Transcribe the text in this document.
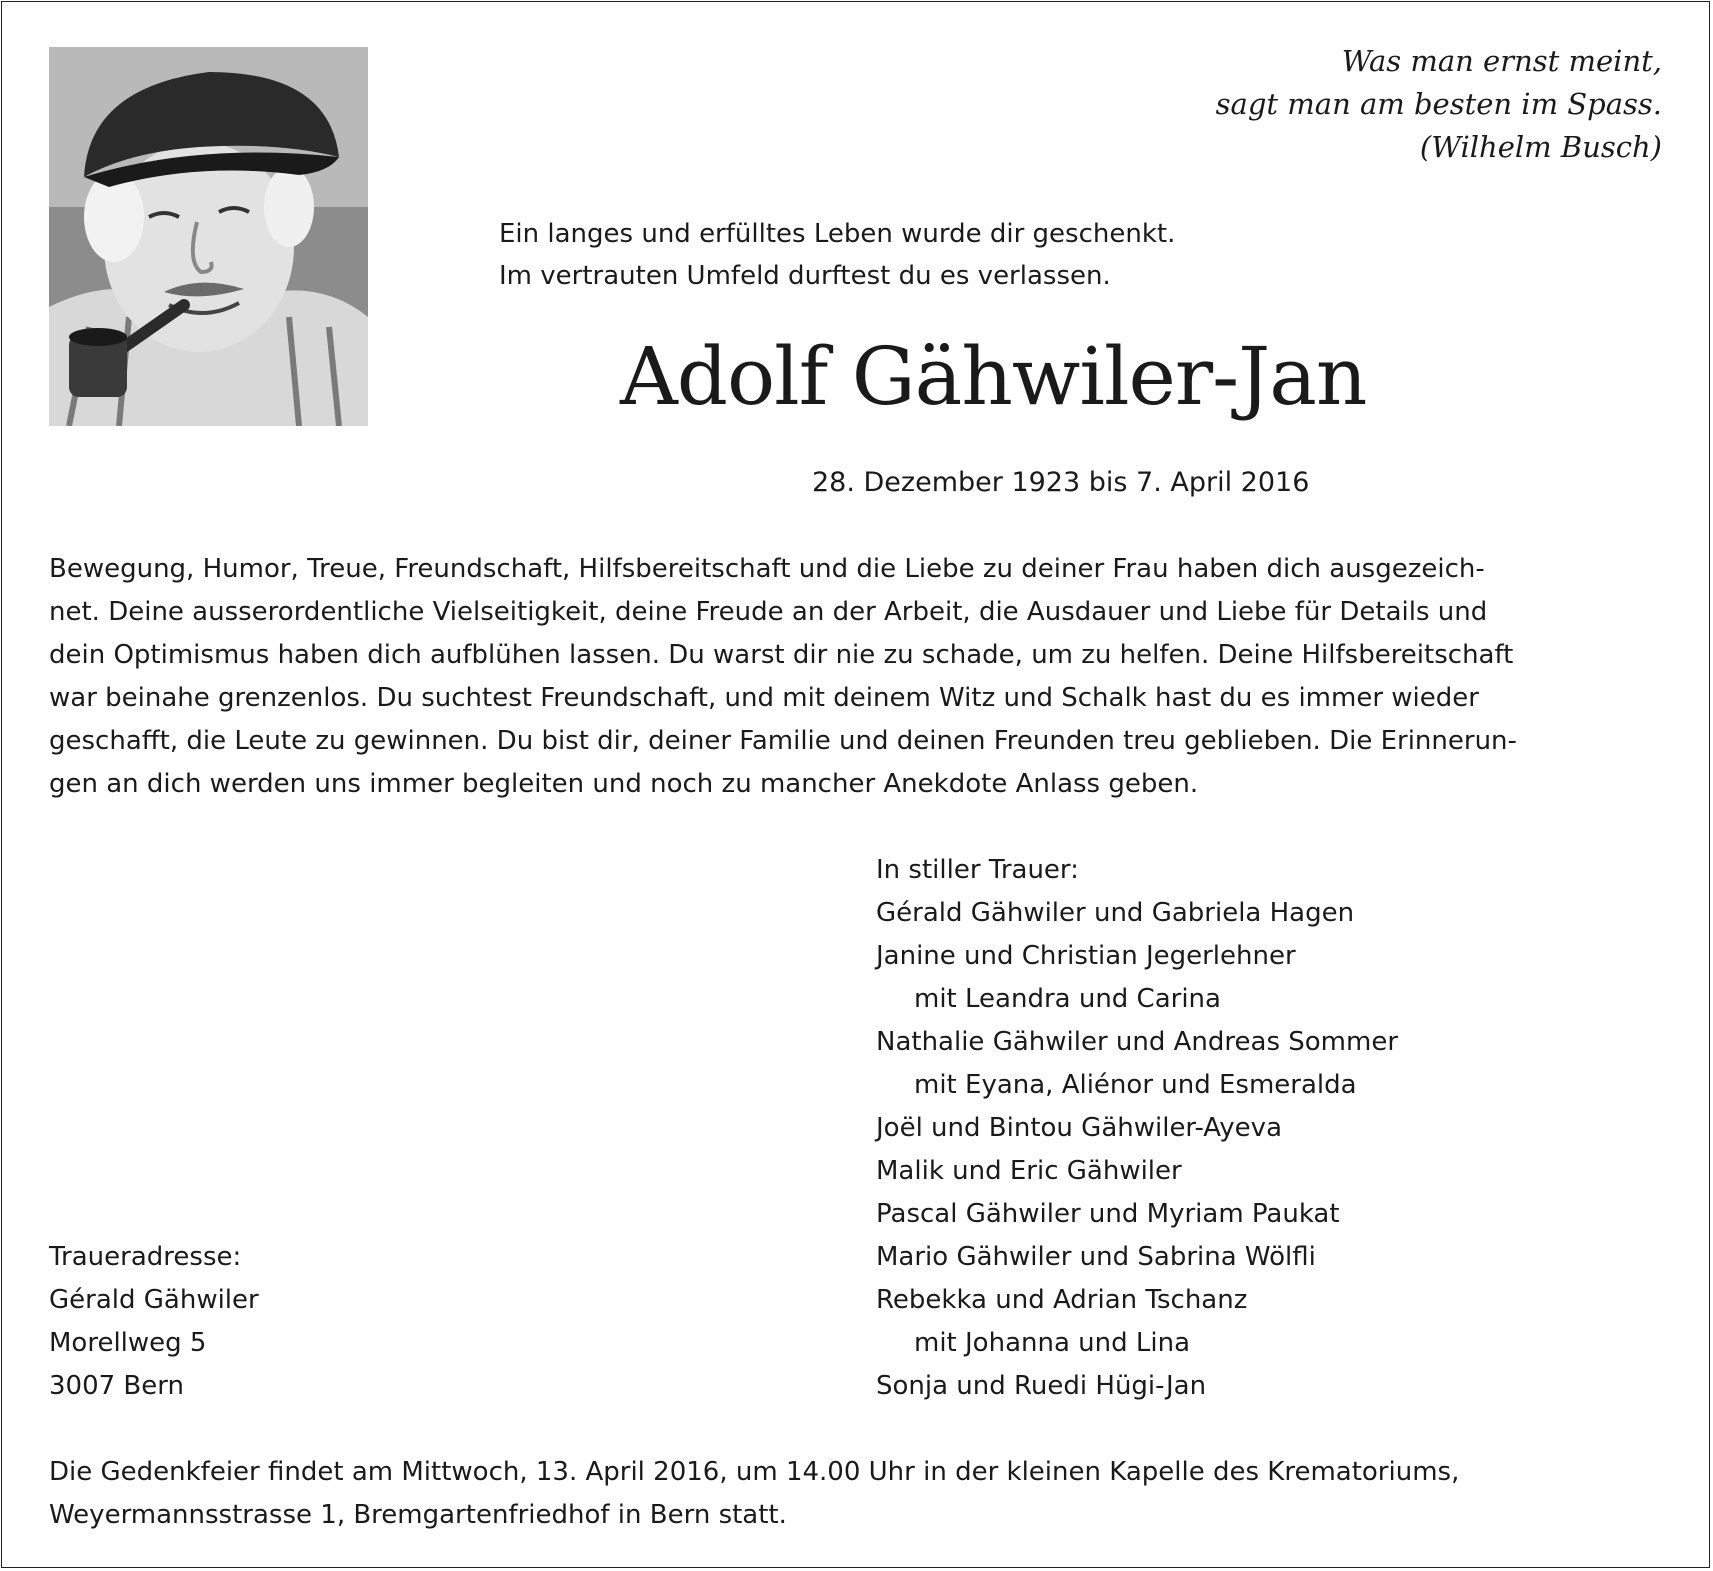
Was man ernst meint,
sagt man am besten im Spass.
(Wilhelm Busch)
Ein langes und erfülltes Leben wurde dir geschenkt.
Im vertrauten Umfeld durftest du es verlassen.
Adolf Gähwiler-Jan
28. Dezember 1923 bis 7. April 2016
Bewegung, Humor, Treue, Freundschaft, Hilfsbereitschaft und die Liebe zu deiner Frau haben dich ausgezeich-
net. Deine ausserordentliche Vielseitigkeit, deine Freude an der Arbeit, die Ausdauer und Liebe für Details und
dein Optimismus haben dich aufblühen lassen. Du warst dir nie zu schade, um zu helfen. Deine Hilfsbereitschaft
war beinahe grenzenlos. Du suchtest Freundschaft, und mit deinem Witz und Schalk hast du es immer wieder
geschafft, die Leute zu gewinnen. Du bist dir, deiner Familie und deinen Freunden treu geblieben. Die Erinnerun-
gen an dich werden uns immer begleiten und noch zu mancher Anekdote Anlass geben.
In stiller Trauer:
Gérald Gähwiler und Gabriela Hagen
Janine und Christian Jegerlehner
mit Leandra und Carina
Nathalie Gähwiler und Andreas Sommer
mit Eyana, Aliénor und Esmeralda
Joël und Bintou Gähwiler-Ayeva
Malik und Eric Gähwiler
Pascal Gähwiler und Myriam Paukat
Mario Gähwiler und Sabrina Wölfli
Rebekka und Adrian Tschanz
mit Johanna und Lina
Sonja und Ruedi Hügi-Jan
Traueradresse:
Gérald Gähwiler
Morellweg 5
3007 Bern
Die Gedenkfeier findet am Mittwoch, 13. April 2016, um 14.00 Uhr in der kleinen Kapelle des Krematoriums,
Weyermannsstrasse 1, Bremgartenfriedhof in Bern statt.
